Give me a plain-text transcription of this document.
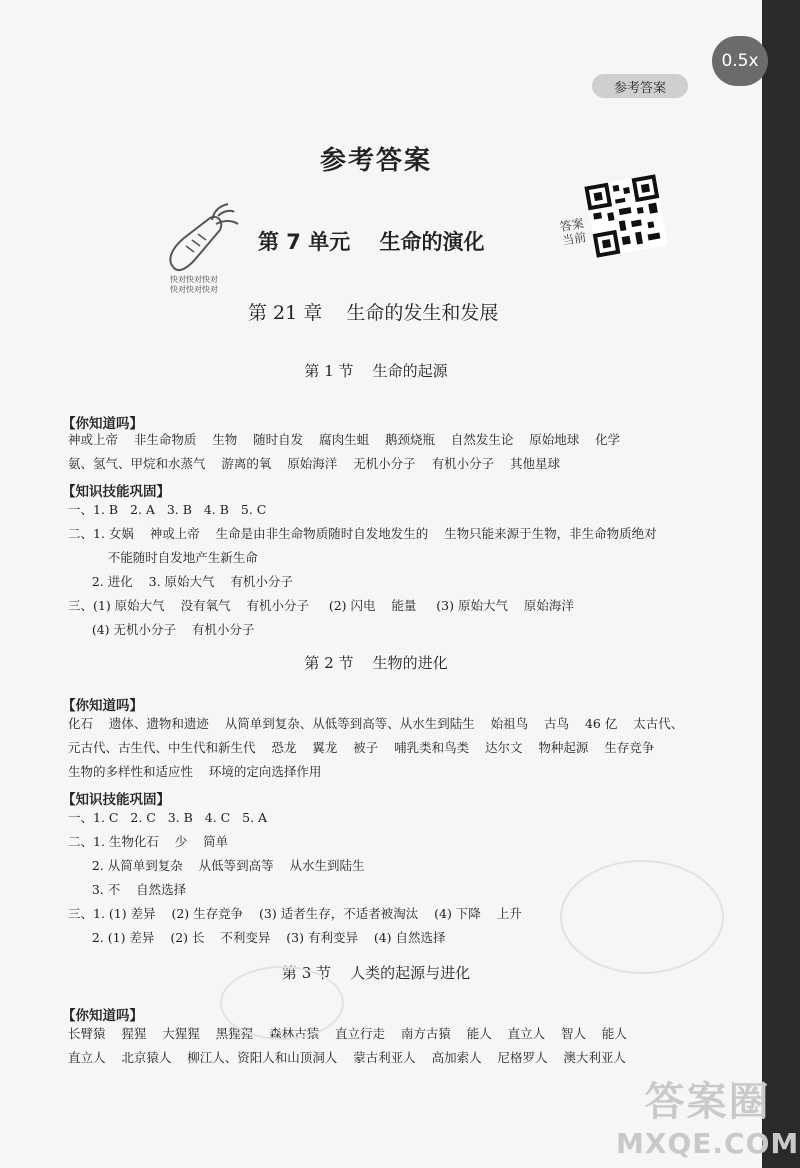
0.5x
参考答案
参考答案
快对快对快对
快对快对快对
第 7 单元    生命的演化
答案当前
第 21 章    生命的发生和发展
第 1 节    生命的起源
【你知道吗】
神或上帝    非生命物质    生物    随时自发    腐肉生蛆    鹅颈烧瓶    自然发生论    原始地球    化学
氨、氢气、甲烷和水蒸气    游离的氧    原始海洋    无机小分子    有机小分子    其他星球
【知识技能巩固】
一、1. B   2. A   3. B   4. B   5. C
二、1. 女娲    神或上帝    生命是由非生命物质随时自发地发生的    生物只能来源于生物，非生命物质绝对
不能随时自发地产生新生命
2. 进化    3. 原始大气    有机小分子
三、(1) 原始大气    没有氧气    有机小分子     (2) 闪电    能量     (3) 原始大气    原始海洋
(4) 无机小分子    有机小分子
第 2 节    生物的进化
【你知道吗】
化石    遗体、遗物和遗迹    从简单到复杂、从低等到高等、从水生到陆生    始祖鸟    古鸟    46 亿    太古代、
元古代、古生代、中生代和新生代    恐龙    翼龙    被子    哺乳类和鸟类    达尔文    物种起源    生存竞争
生物的多样性和适应性    环境的定向选择作用
【知识技能巩固】
一、1. C   2. C   3. B   4. C   5. A
二、1. 生物化石    少    简单
2. 从简单到复杂    从低等到高等    从水生到陆生
3. 不    自然选择
三、1. (1) 差异    (2) 生存竞争    (3) 适者生存，不适者被淘汰    (4) 下降    上升
2. (1) 差异    (2) 长    不利变异    (3) 有利变异    (4) 自然选择
第 3 节    人类的起源与进化
【你知道吗】
长臂猿    猩猩    大猩猩    黑猩猩    森林古猿    直立行走    南方古猿    能人    直立人    智人    能人
直立人    北京猿人    柳江人、资阳人和山顶洞人    蒙古利亚人    高加索人    尼格罗人    澳大利亚人
答案圈
MXQE.COM
